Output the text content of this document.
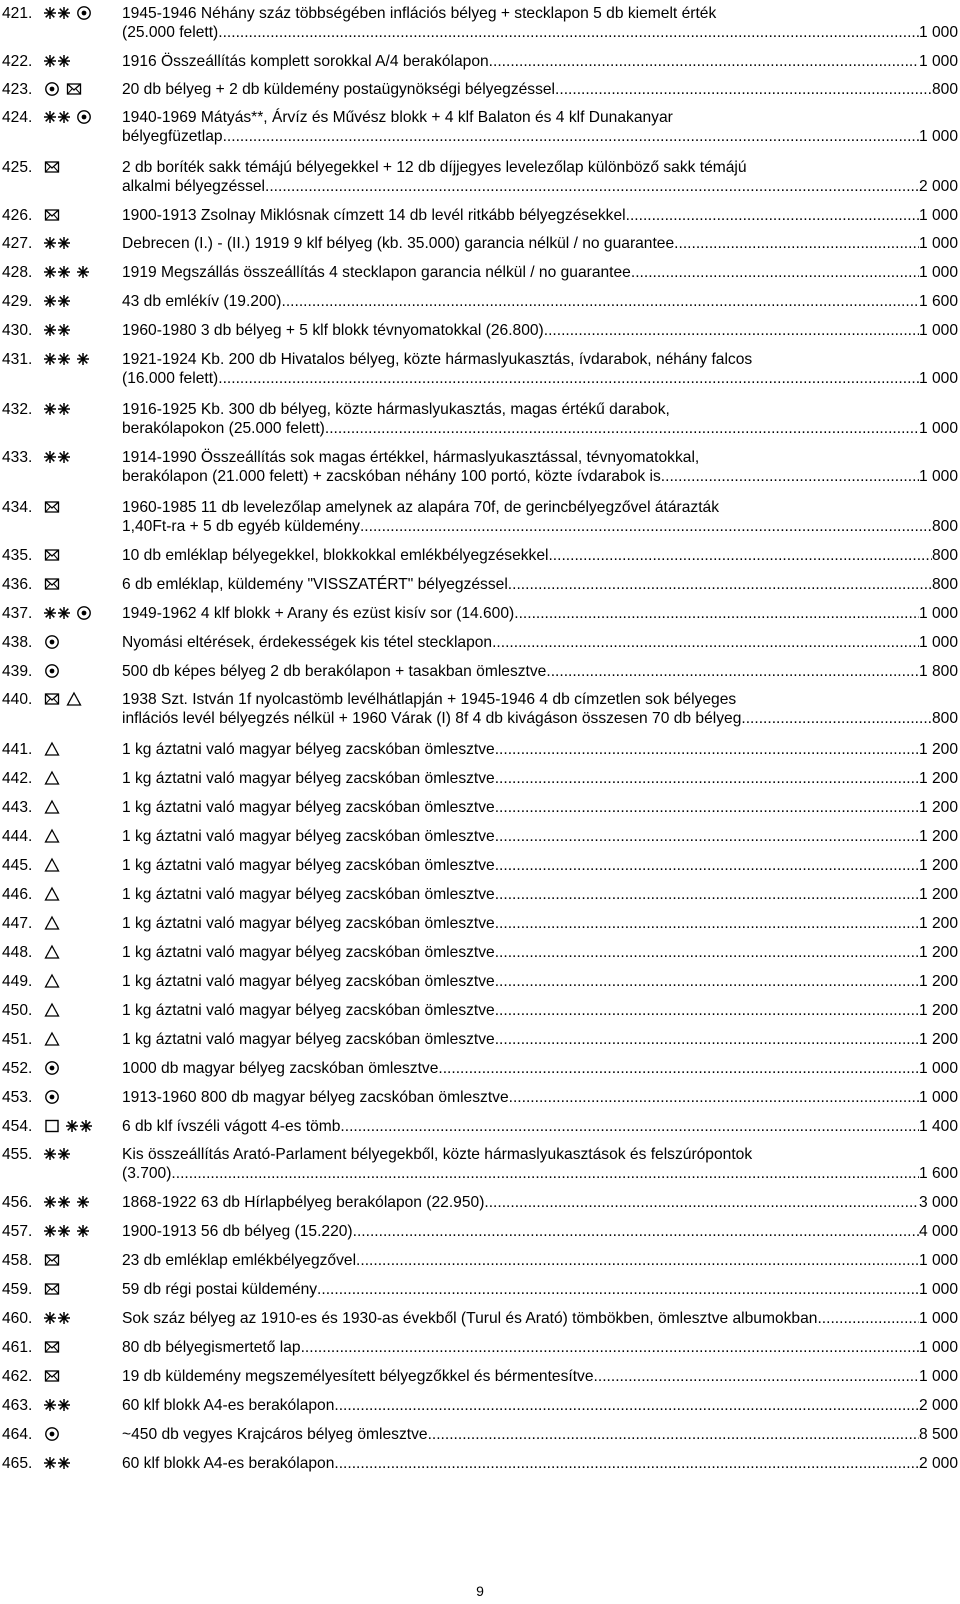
421.	1945-1946 Néhány száz többségében inflációs bélyeg + stecklapon 5 db kiemelt érték
(25.000 felett) .....	1 000
422.	1916 Összeállítás komplett sorokkal A/4 berakólapon .....	1 000
423.	20 db bélyeg + 2 db küldemény postaügynökségi bélyegzéssel .....	800
424.	1940-1969 Mátyás**, Árvíz és Művész blokk + 4 klf Balaton és 4 klf Dunakanyar
bélyegfüzetlap .....	1 000
425.	2 db boríték sakk témájú bélyegekkel + 12 db díjjegyes levelezőlap különböző sakk témájú
alkalmi bélyegzéssel .....	2 000
426.	1900-1913 Zsolnay Miklósnak címzett 14 db levél ritkább bélyegzésekkel .....	1 000
427.	Debrecen (I.) - (II.) 1919 9 klf bélyeg (kb. 35.000) garancia nélkül / no guarantee .....	1 000
428.	1919 Megszállás összeállítás 4 stecklapon garancia nélkül / no guarantee .....	1 000
429.	43 db emlékív (19.200) .....	1 600
430.	1960-1980 3 db bélyeg + 5 klf blokk tévnyomatokkal (26.800) .....	1 000
431.	1921-1924 Kb. 200 db Hivatalos bélyeg, közte hármaslyukasztás, ívdarabok, néhány falcos
(16.000 felett) .....	1 000
432.	1916-1925 Kb. 300 db bélyeg, közte hármaslyukasztás, magas értékű darabok,
berakólapokon (25.000 felett) .....	1 000
433.	1914-1990 Összeállítás sok magas értékkel, hármaslyukasztással, tévnyomatokkal,
berakólapon (21.000 felett) + zacskóban néhány 100 portó, közte ívdarabok is .....	1 000
434.	1960-1985 11 db levelezőlap amelynek az alapára 70f, de gerincbélyegzővel átárazták
1,40Ft-ra + 5 db egyéb küldemény .....	800
435.	10 db emléklap bélyegekkel, blokkokkal emlékbélyegzésekkel .....	800
436.	6 db emléklap, küldemény "VISSZATÉRT" bélyegzéssel .....	800
437.	1949-1962 4 klf blokk + Arany és ezüst kisív sor (14.600) .....	1 000
438.	Nyomási eltérések, érdekességek kis tétel stecklapon .....	1 000
439.	500 db képes bélyeg 2 db berakólapon + tasakban ömlesztve .....	1 800
440.	1938 Szt. István 1f nyolcastömb levélhátlapján + 1945-1946 4 db címzetlen sok bélyeges
inflációs levél bélyegzés nélkül + 1960 Várak (I) 8f 4 db kivágáson összesen 70 db bélyeg .....	800
441.	1 kg áztatni való magyar bélyeg zacskóban ömlesztve .....	1 200
442.	1 kg áztatni való magyar bélyeg zacskóban ömlesztve .....	1 200
443.	1 kg áztatni való magyar bélyeg zacskóban ömlesztve .....	1 200
444.	1 kg áztatni való magyar bélyeg zacskóban ömlesztve .....	1 200
445.	1 kg áztatni való magyar bélyeg zacskóban ömlesztve .....	1 200
446.	1 kg áztatni való magyar bélyeg zacskóban ömlesztve .....	1 200
447.	1 kg áztatni való magyar bélyeg zacskóban ömlesztve .....	1 200
448.	1 kg áztatni való magyar bélyeg zacskóban ömlesztve .....	1 200
449.	1 kg áztatni való magyar bélyeg zacskóban ömlesztve .....	1 200
450.	1 kg áztatni való magyar bélyeg zacskóban ömlesztve .....	1 200
451.	1 kg áztatni való magyar bélyeg zacskóban ömlesztve .....	1 200
452.	1000 db magyar bélyeg zacskóban ömlesztve .....	1 000
453.	1913-1960 800 db magyar bélyeg zacskóban ömlesztve .....	1 000
454.	6 db klf ívszéli vágott 4-es tömb .....	1 400
455.	Kis összeállítás Arató-Parlament bélyegekből, közte hármaslyukasztások és felszúrópontok
(3.700) .....	1 600
456.	1868-1922 63 db Hírlapbélyeg berakólapon (22.950) .....	3 000
457.	1900-1913 56 db bélyeg (15.220) .....	4 000
458.	23 db emléklap emlékbélyegzővel .....	1 000
459.	59 db régi postai küldemény .....	1 000
460.	Sok száz bélyeg az 1910-es és 1930-as évekből (Turul és Arató) tömbökben, ömlesztve albumokban .....	1 000
461.	80 db bélyegismertető lap .....	1 000
462.	19 db küldemény megszemélyesített bélyegzőkkel és bérmentesítve .....	1 000
463.	60 klf blokk A4-es berakólapon .....	2 000
464.	~450 db vegyes Krajcáros bélyeg ömlesztve .....	8 500
465.	60 klf blokk A4-es berakólapon .....	2 000
9
